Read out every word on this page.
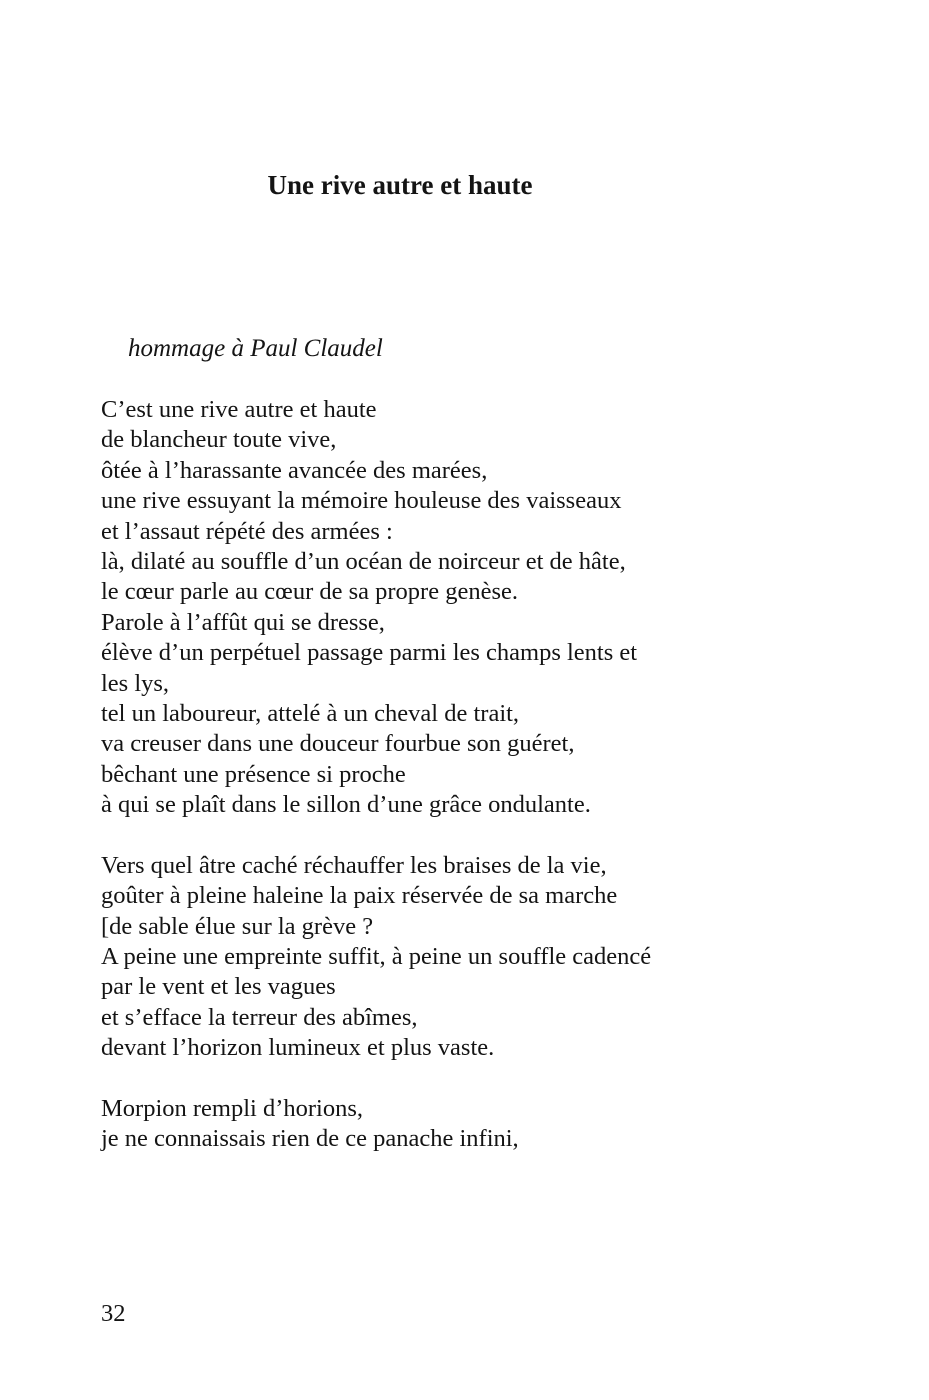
Une rive autre et haute

hommage à Paul Claudel

C’est une rive autre et haute
de blancheur toute vive,
ôtée à l’harassante avancée des marées,
une rive essuyant la mémoire houleuse des vaisseaux
et l’assaut répété des armées :
là, dilaté au souffle d’un océan de noirceur et de hâte,
le cœur parle au cœur de sa propre genèse.
Parole à l’affût qui se dresse,
élève d’un perpétuel passage parmi les champs lents et
les lys,
tel un laboureur, attelé à un cheval de trait,
va creuser dans une douceur fourbue son guéret,
bêchant une présence si proche
à qui se plaît dans le sillon d’une grâce ondulante.
Vers quel âtre caché réchauffer les braises de la vie,
goûter à pleine haleine la paix réservée de sa marche
[de sable élue sur la grève ?
A peine une empreinte suffit, à peine un souffle cadencé
par le vent et les vagues
et s’efface la terreur des abîmes,
devant l’horizon lumineux et plus vaste.
Morpion rempli d’horions,
je ne connaissais rien de ce panache infini,

32
